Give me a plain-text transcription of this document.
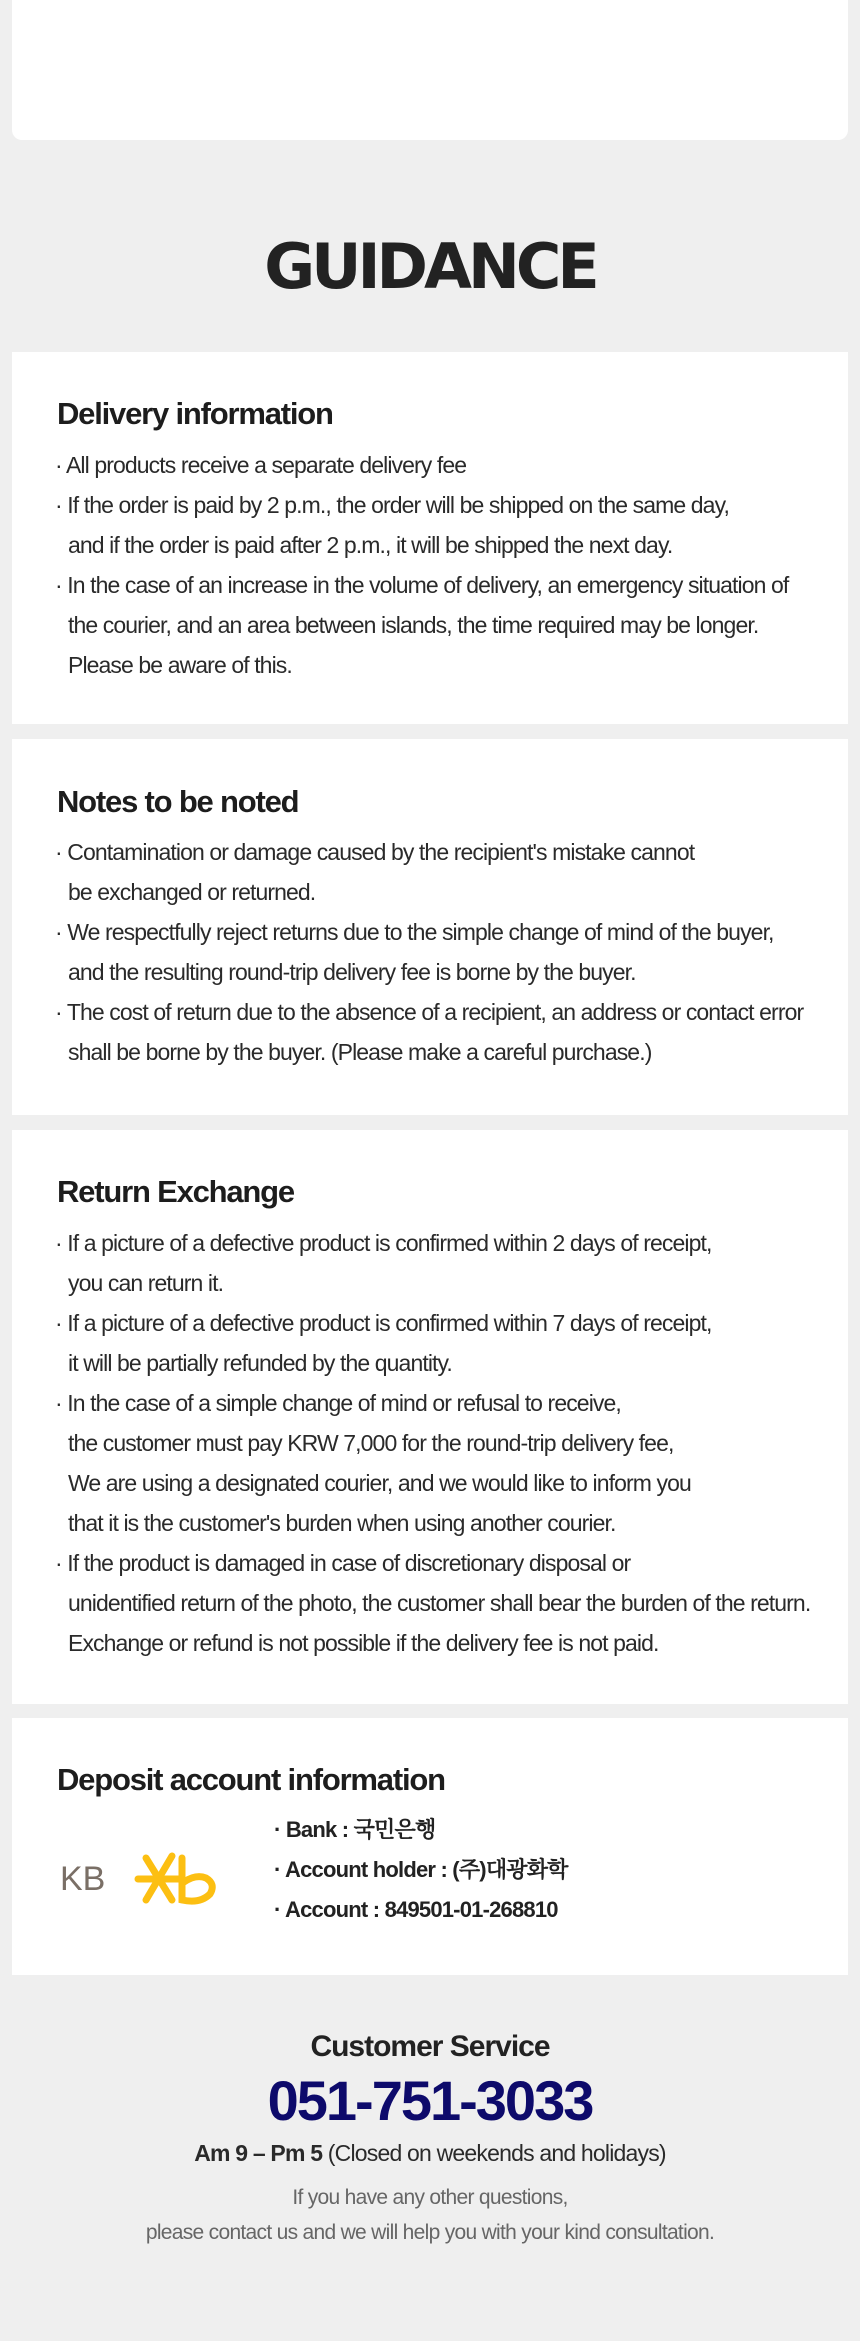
GUIDANCE
Delivery information
· All products receive a separate delivery fee
· If the order is paid by 2 p.m., the order will be shipped on the same day,
and if the order is paid after 2 p.m., it will be shipped the next day.
· In the case of an increase in the volume of delivery, an emergency situation of
the courier, and an area between islands, the time required may be longer.
Please be aware of this.
Notes to be noted
· Contamination or damage caused by the recipient's mistake cannot
be exchanged or returned.
· We respectfully reject returns due to the simple change of mind of the buyer,
and the resulting round-trip delivery fee is borne by the buyer.
· The cost of return due to the absence of a recipient, an address or contact error
shall be borne by the buyer. (Please make a careful purchase.)
Return Exchange
· If a picture of a defective product is confirmed within 2 days of receipt,
you can return it.
· If a picture of a defective product is confirmed within 7 days of receipt,
it will be partially refunded by the quantity.
· In the case of a simple change of mind or refusal to receive,
the customer must pay KRW 7,000 for the round-trip delivery fee,
We are using a designated courier, and we would like to inform you
that it is the customer's burden when using another courier.
· If the product is damaged in case of discretionary disposal or
unidentified return of the photo, the customer shall bear the burden of the return.
Exchange or refund is not possible if the delivery fee is not paid.
Deposit account information
KB
· Bank : 국민은행
· Account holder : (주)대광화학
· Account : 849501-01-268810
Customer Service
051-751-3033
Am 9 – Pm 5 (Closed on weekends and holidays)
If you have any other questions,
please contact us and we will help you with your kind consultation.
